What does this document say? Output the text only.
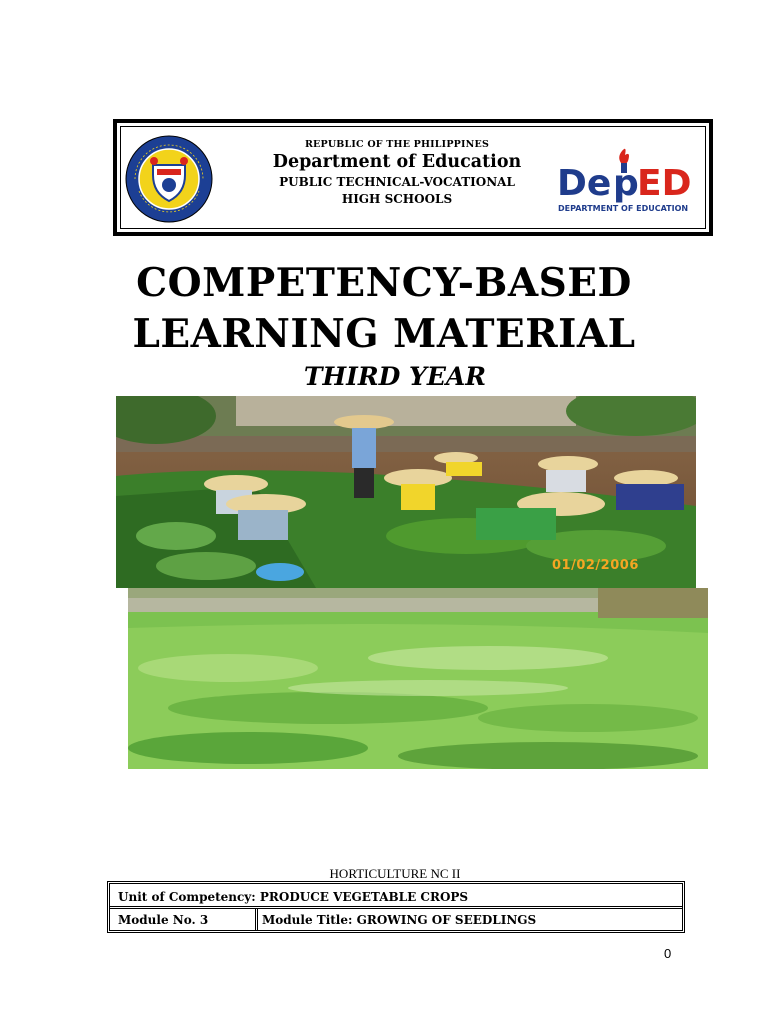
REPUBLIC OF THE PHILIPPINES
Department of Education
PUBLIC TECHNICAL-VOCATIONAL
HIGH SCHOOLS	De p
ED
DEPARTMENT OF EDUCATION
COMPETENCY-BASED
LEARNING MATERIAL
THIRD YEAR
01/02/2006
HORTICULTURE NC II
Unit of Competency: PRODUCE VEGETABLE CROPS
Module No. 3	Module Title: GROWING OF SEEDLINGS
0
